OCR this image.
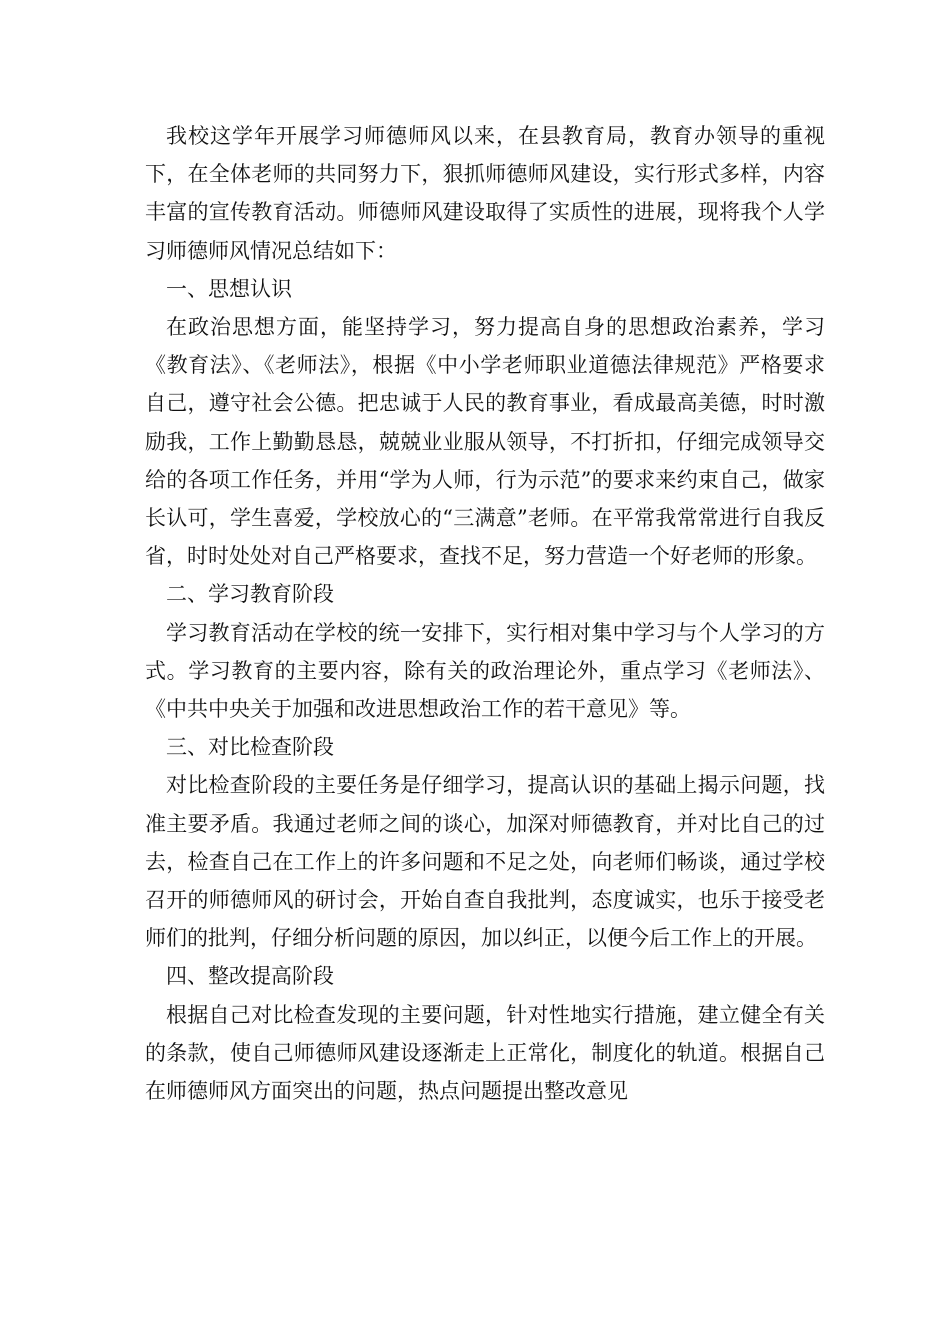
我校这学年开展学习师德师风以来，在县教育局，教育办领导的重视下，在全体老师的共同努力下，狠抓师德师风建设，实行形式多样，内容丰富的宣传教育活动。师德师风建设取得了实质性的进展，现将我个人学习师德师风情况总结如下：

一、思想认识

在政治思想方面，能坚持学习，努力提高自身的思想政治素养，学习《教育法》、《老师法》，根据《中小学老师职业道德法律规范》严格要求自己，遵守社会公德。把忠诚于人民的教育事业，看成最高美德，时时激励我，工作上勤勤恳恳，兢兢业业服从领导，不打折扣，仔细完成领导交给的各项工作任务，并用“学为人师，行为示范”的要求来约束自己，做家长认可，学生喜爱，学校放心的“三满意”老师。在平常我常常进行自我反省，时时处处对自己严格要求，查找不足，努力营造一个好老师的形象。

二、学习教育阶段

学习教育活动在学校的统一安排下，实行相对集中学习与个人学习的方式。学习教育的主要内容，除有关的政治理论外，重点学习《老师法》、《中共中央关于加强和改进思想政治工作的若干意见》等。

三、对比检查阶段

对比检查阶段的主要任务是仔细学习，提高认识的基础上揭示问题，找准主要矛盾。我通过老师之间的谈心，加深对师德教育，并对比自己的过去，检查自己在工作上的许多问题和不足之处，向老师们畅谈，通过学校召开的师德师风的研讨会，开始自查自我批判，态度诚实，也乐于接受老师们的批判，仔细分析问题的原因，加以纠正，以便今后工作上的开展。

四、整改提高阶段

根据自己对比检查发现的主要问题，针对性地实行措施，建立健全有关的条款，使自己师德师风建设逐渐走上正常化，制度化的轨道。根据自己在师德师风方面突出的问题，热点问题提出整改意见
